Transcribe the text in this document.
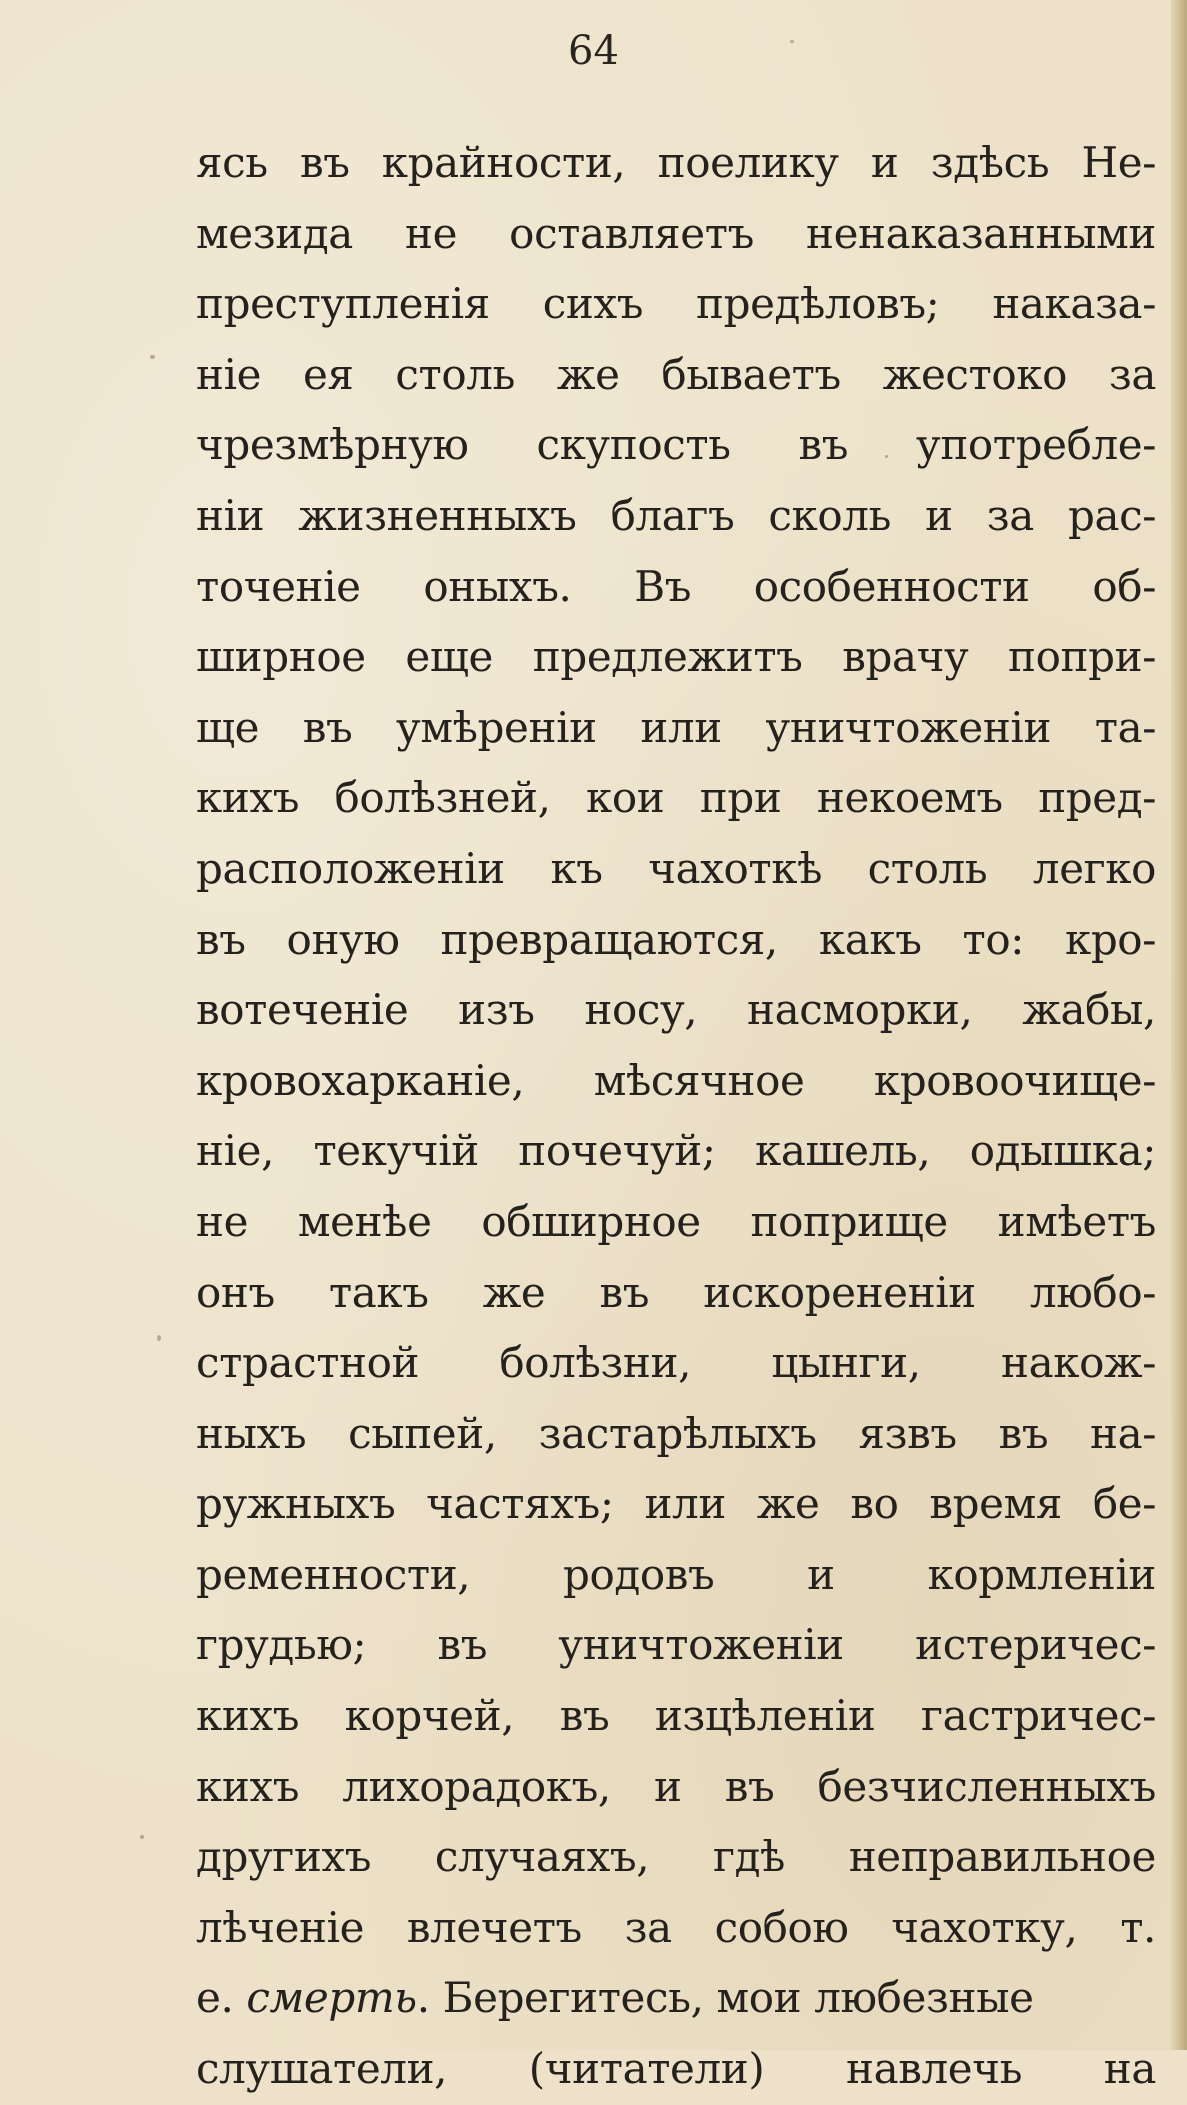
64
ясь въ крайности, поелику и здѣсь Не-
мезида не оставляетъ ненаказанными
преступленія сихъ предѣловъ; наказа-
ніе ея столь же бываетъ жестоко за
чрезмѣрную скупость въ употребле-
ніи жизненныхъ благъ сколь и за рас-
точеніе оныхъ. Въ особенности об-
ширное еще предлежитъ врачу попри-
ще въ умѣреніи или уничтоженіи та-
кихъ болѣзней, кои при некоемъ пред-
расположеніи къ чахоткѣ столь легко
въ оную превращаются, какъ то: кро-
вотеченіе изъ носу, насморки, жабы,
кровохарканіе, мѣсячное кровоочище-
ніе, текучій почечуй; кашель, одышка;
не менѣе обширное поприще имѣетъ
онъ такъ же въ искорененіи любо-
страстной болѣзни, цынги, накож-
ныхъ сыпей, застарѣлыхъ язвъ въ на-
ружныхъ частяхъ; или же во время бе-
ременности, родовъ и кормленіи
грудью; въ уничтоженіи истеричес-
кихъ корчей, въ изцѣленіи гастричес-
кихъ лихорадокъ, и въ безчисленныхъ
другихъ случаяхъ, гдѣ неправильное
лѣченіе влечетъ за собою чахотку, т.
е. смерть. Берегитесь, мои любезные
слушатели, (читатели) навлечь на
